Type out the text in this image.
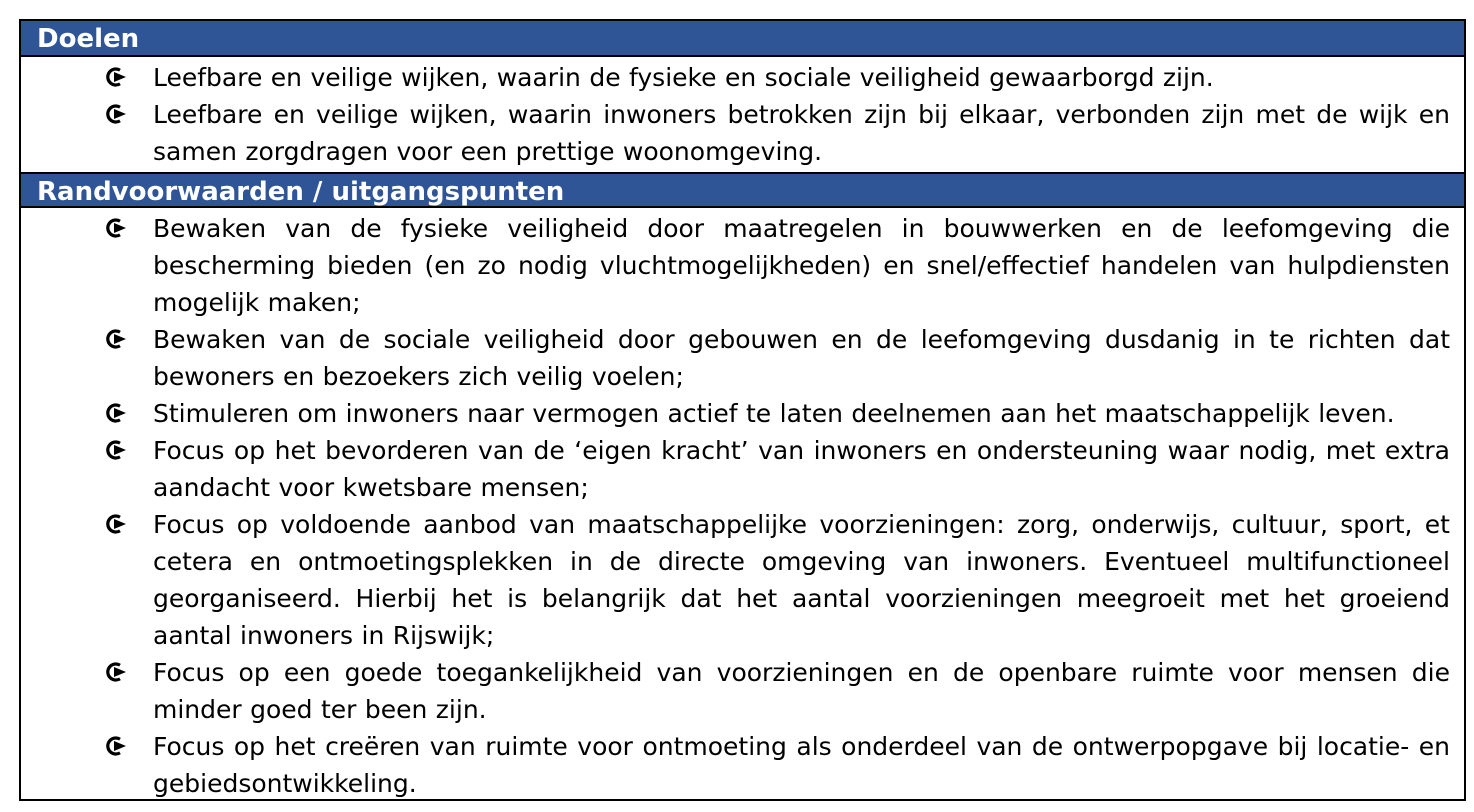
Doelen
Leefbare en veilige wijken, waarin de fysieke en sociale veiligheid gewaarborgd zijn.
Leefbare en veilige wijken, waarin inwoners betrokken zijn bij elkaar, verbonden zijn met de wijk en samen zorgdragen voor een prettige woonomgeving.
Randvoorwaarden / uitgangspunten
Bewaken van de fysieke veiligheid door maatregelen in bouwwerken en de leefomgeving die bescherming bieden (en zo nodig vluchtmogelijkheden) en snel/effectief handelen van hulpdiensten mogelijk maken;
Bewaken van de sociale veiligheid door gebouwen en de leefomgeving dusdanig in te richten dat bewoners en bezoekers zich veilig voelen;
Stimuleren om inwoners naar vermogen actief te laten deelnemen aan het maatschappelijk leven.
Focus op het bevorderen van de ‘eigen kracht’ van inwoners en ondersteuning waar nodig, met extra aandacht voor kwetsbare mensen;
Focus op voldoende aanbod van maatschappelijke voorzieningen: zorg, onderwijs, cultuur, sport, et cetera en ontmoetingsplekken in de directe omgeving van inwoners. Eventueel multifunctioneel georganiseerd. Hierbij het is belangrijk dat het aantal voorzieningen meegroeit met het groeiend aantal inwoners in Rijswijk;
Focus op een goede toegankelijkheid van voorzieningen en de openbare ruimte voor mensen die minder goed ter been zijn.
Focus op het creëren van ruimte voor ontmoeting als onderdeel van de ontwerpopgave bij locatie- en gebiedsontwikkeling.
